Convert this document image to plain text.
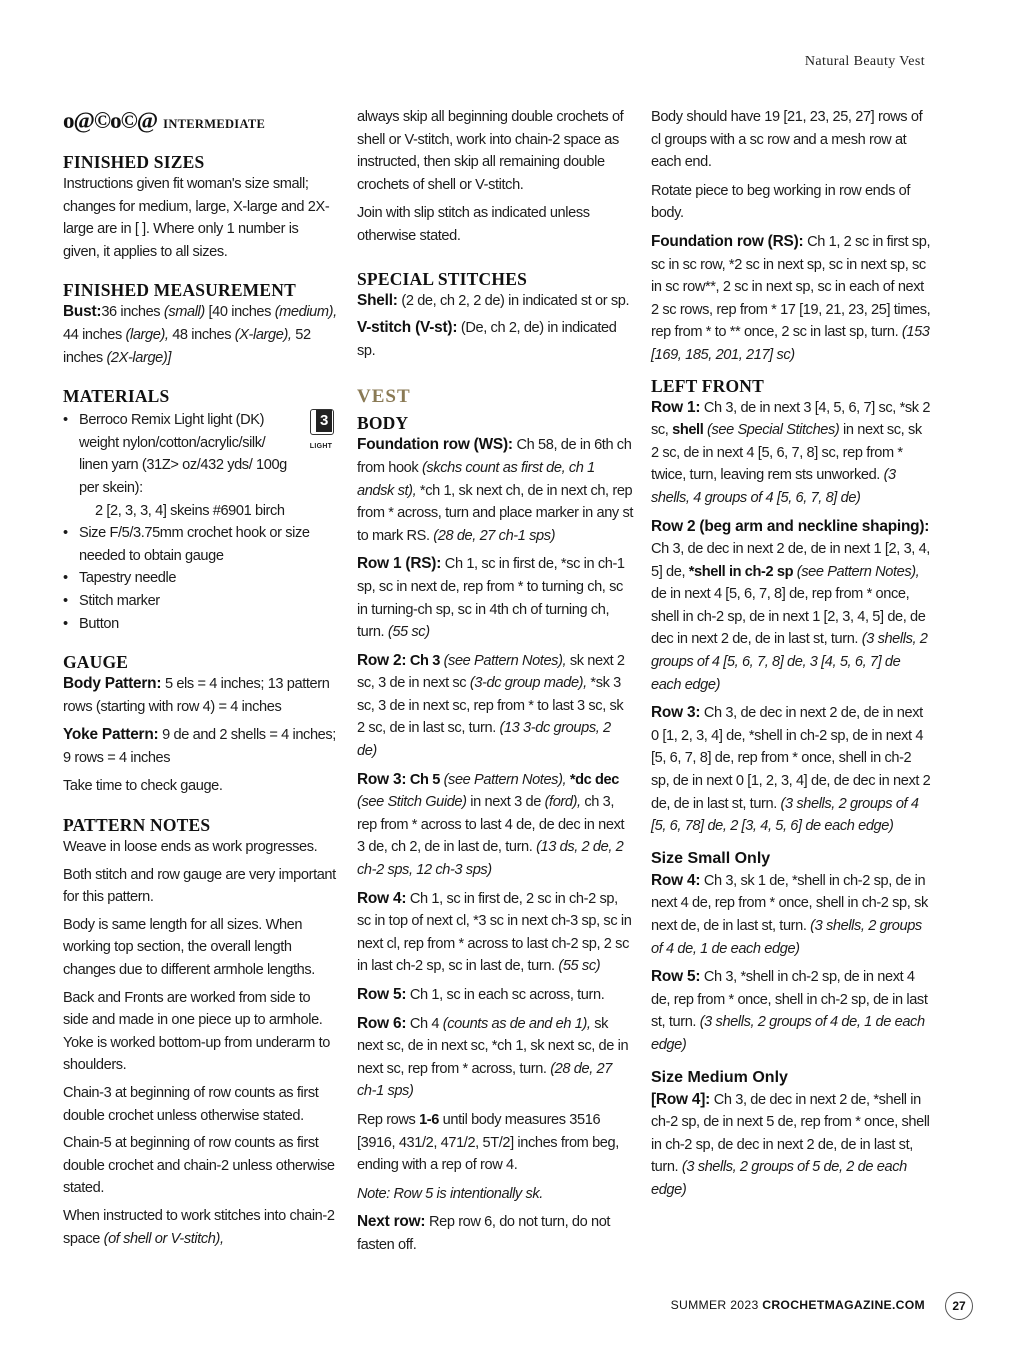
Natural Beauty Vest
o@©o©@ INTERMEDIATE
FINISHED SIZES

Instructions given fit woman's size small; changes for medium, large, X-large and 2X-large are in [ ]. Where only 1 number is given, it applies to all sizes.

FINISHED MEASUREMENT

Bust:36 inches (small) [40 inches (medium), 44 inches (large), 48 inches (X-large), 52 inches (2X-large)]

MATERIALS
• Berroco Remix Light light (DK) weight nylon/cotton/acrylic/silk/ linen yarn (31Z> oz/432 yds/ 100g per skein):
2 [2, 3, 3, 4] skeins #6901 birch
3
LIGHT
• Size F/5/3.75mm crochet hook or size needed to obtain gauge
• Tapestry needle
• Stitch marker
• Button
GAUGE

Body Pattern: 5 els = 4 inches; 13 pattern rows (starting with row 4) = 4 inches

Yoke Pattern: 9 de and 2 shells = 4 inches; 9 rows = 4 inches

Take time to check gauge.

PATTERN NOTES

Weave in loose ends as work progresses.

Both stitch and row gauge are very important for this pattern.

Body is same length for all sizes. When working top section, the overall length changes due to different armhole lengths.

Back and Fronts are worked from side to side and made in one piece up to armhole. Yoke is worked bottom-up from underarm to shoulders.

Chain-3 at beginning of row counts as first double crochet unless otherwise stated.

Chain-5 at beginning of row counts as first double crochet and chain-2 unless otherwise stated.

When instructed to work stitches into chain-2 space (of shell or V-stitch),

always skip all beginning double crochets of shell or V-stitch, work into chain-2 space as instructed, then skip all remaining double crochets of shell or V-stitch.

Join with slip stitch as indicated unless otherwise stated.

SPECIAL STITCHES

Shell: (2 de, ch 2, 2 de) in indicated st or sp.

V-stitch (V-st): (De, ch 2, de) in indicated sp.

VEST
BODY

Foundation row (WS): Ch 58, de in 6th ch from hook (skchs count as first de, ch 1 andsk st), *ch 1, sk next ch, de in next ch, rep from * across, turn and place marker in any st to mark RS. (28 de, 27 ch-1 sps)

Row 1 (RS): Ch 1, sc in first de, *sc in ch-1 sp, sc in next de, rep from * to turning ch, sc in turning-ch sp, sc in 4th ch of turning ch, turn. (55 sc)

Row 2: Ch 3 (see Pattern Notes), sk next 2 sc, 3 de in next sc (3-dc group made), *sk 3 sc, 3 de in next sc, rep from * to last 3 sc, sk 2 sc, de in last sc, turn. (13 3-dc groups, 2 de)

Row 3: Ch 5 (see Pattern Notes), *dc dec (see Stitch Guide) in next 3 de (ford), ch 3, rep from * across to last 4 de, de dec in next 3 de, ch 2, de in last de, turn. (13 ds, 2 de, 2 ch-2 sps, 12 ch-3 sps)

Row 4: Ch 1, sc in first de, 2 sc in ch-2 sp, sc in top of next cl, *3 sc in next ch-3 sp, sc in next cl, rep from * across to last ch-2 sp, 2 sc in last ch-2 sp, sc in last de, turn. (55 sc)

Row 5: Ch 1, sc in each sc across, turn.

Row 6: Ch 4 (counts as de and eh 1), sk next sc, de in next sc, *ch 1, sk next sc, de in next sc, rep from * across, turn. (28 de, 27 ch-1 sps)

Rep rows 1-6 until body measures 3516 [3916, 431/2, 471/2, 5T/2] inches from beg, ending with a rep of row 4.

Note: Row 5 is intentionally sk.

Next row: Rep row 6, do not turn, do not fasten off.

Body should have 19 [21, 23, 25, 27] rows of cl groups with a sc row and a mesh row at each end.

Rotate piece to beg working in row ends of body.

Foundation row (RS): Ch 1, 2 sc in first sp, sc in sc row, *2 sc in next sp, sc in next sp, sc in sc row**, 2 sc in next sp, sc in each of next 2 sc rows, rep from * 17 [19, 21, 23, 25] times, rep from * to ** once, 2 sc in last sp, turn. (153 [169, 185, 201, 217] sc)

LEFT FRONT

Row 1: Ch 3, de in next 3 [4, 5, 6, 7] sc, *sk 2 sc, shell (see Special Stitches) in next sc, sk 2 sc, de in next 4 [5, 6, 7, 8] sc, rep from * twice, turn, leaving rem sts unworked. (3 shells, 4 groups of 4 [5, 6, 7, 8] de)

Row 2 (beg arm and neckline shaping): Ch 3, de dec in next 2 de, de in next 1 [2, 3, 4, 5] de, *shell in ch-2 sp (see Pattern Notes), de in next 4 [5, 6, 7, 8] de, rep from * once, shell in ch-2 sp, de in next 1 [2, 3, 4, 5] de, de dec in next 2 de, de in last st, turn. (3 shells, 2 groups of 4 [5, 6, 7, 8] de, 3 [4, 5, 6, 7] de each edge)

Row 3: Ch 3, de dec in next 2 de, de in next 0 [1, 2, 3, 4] de, *shell in ch-2 sp, de in next 4 [5, 6, 7, 8] de, rep from * once, shell in ch-2 sp, de in next 0 [1, 2, 3, 4] de, de dec in next 2 de, de in last st, turn. (3 shells, 2 groups of 4 [5, 6, 78] de, 2 [3, 4, 5, 6] de each edge)

Size Small Only

Row 4: Ch 3, sk 1 de, *shell in ch-2 sp, de in next 4 de, rep from * once, shell in ch-2 sp, sk next de, de in last st, turn. (3 shells, 2 groups of 4 de, 1 de each edge)

Row 5: Ch 3, *shell in ch-2 sp, de in next 4 de, rep from * once, shell in ch-2 sp, de in last st, turn. (3 shells, 2 groups of 4 de, 1 de each edge)

Size Medium Only

[Row 4]: Ch 3, de dec in next 2 de, *shell in ch-2 sp, de in next 5 de, rep from * once, shell in ch-2 sp, de dec in next 2 de, de in last st, turn. (3 shells, 2 groups of 5 de, 2 de each edge)

SUMMER 2023 CROCHETMAGAZINE.COM	27
